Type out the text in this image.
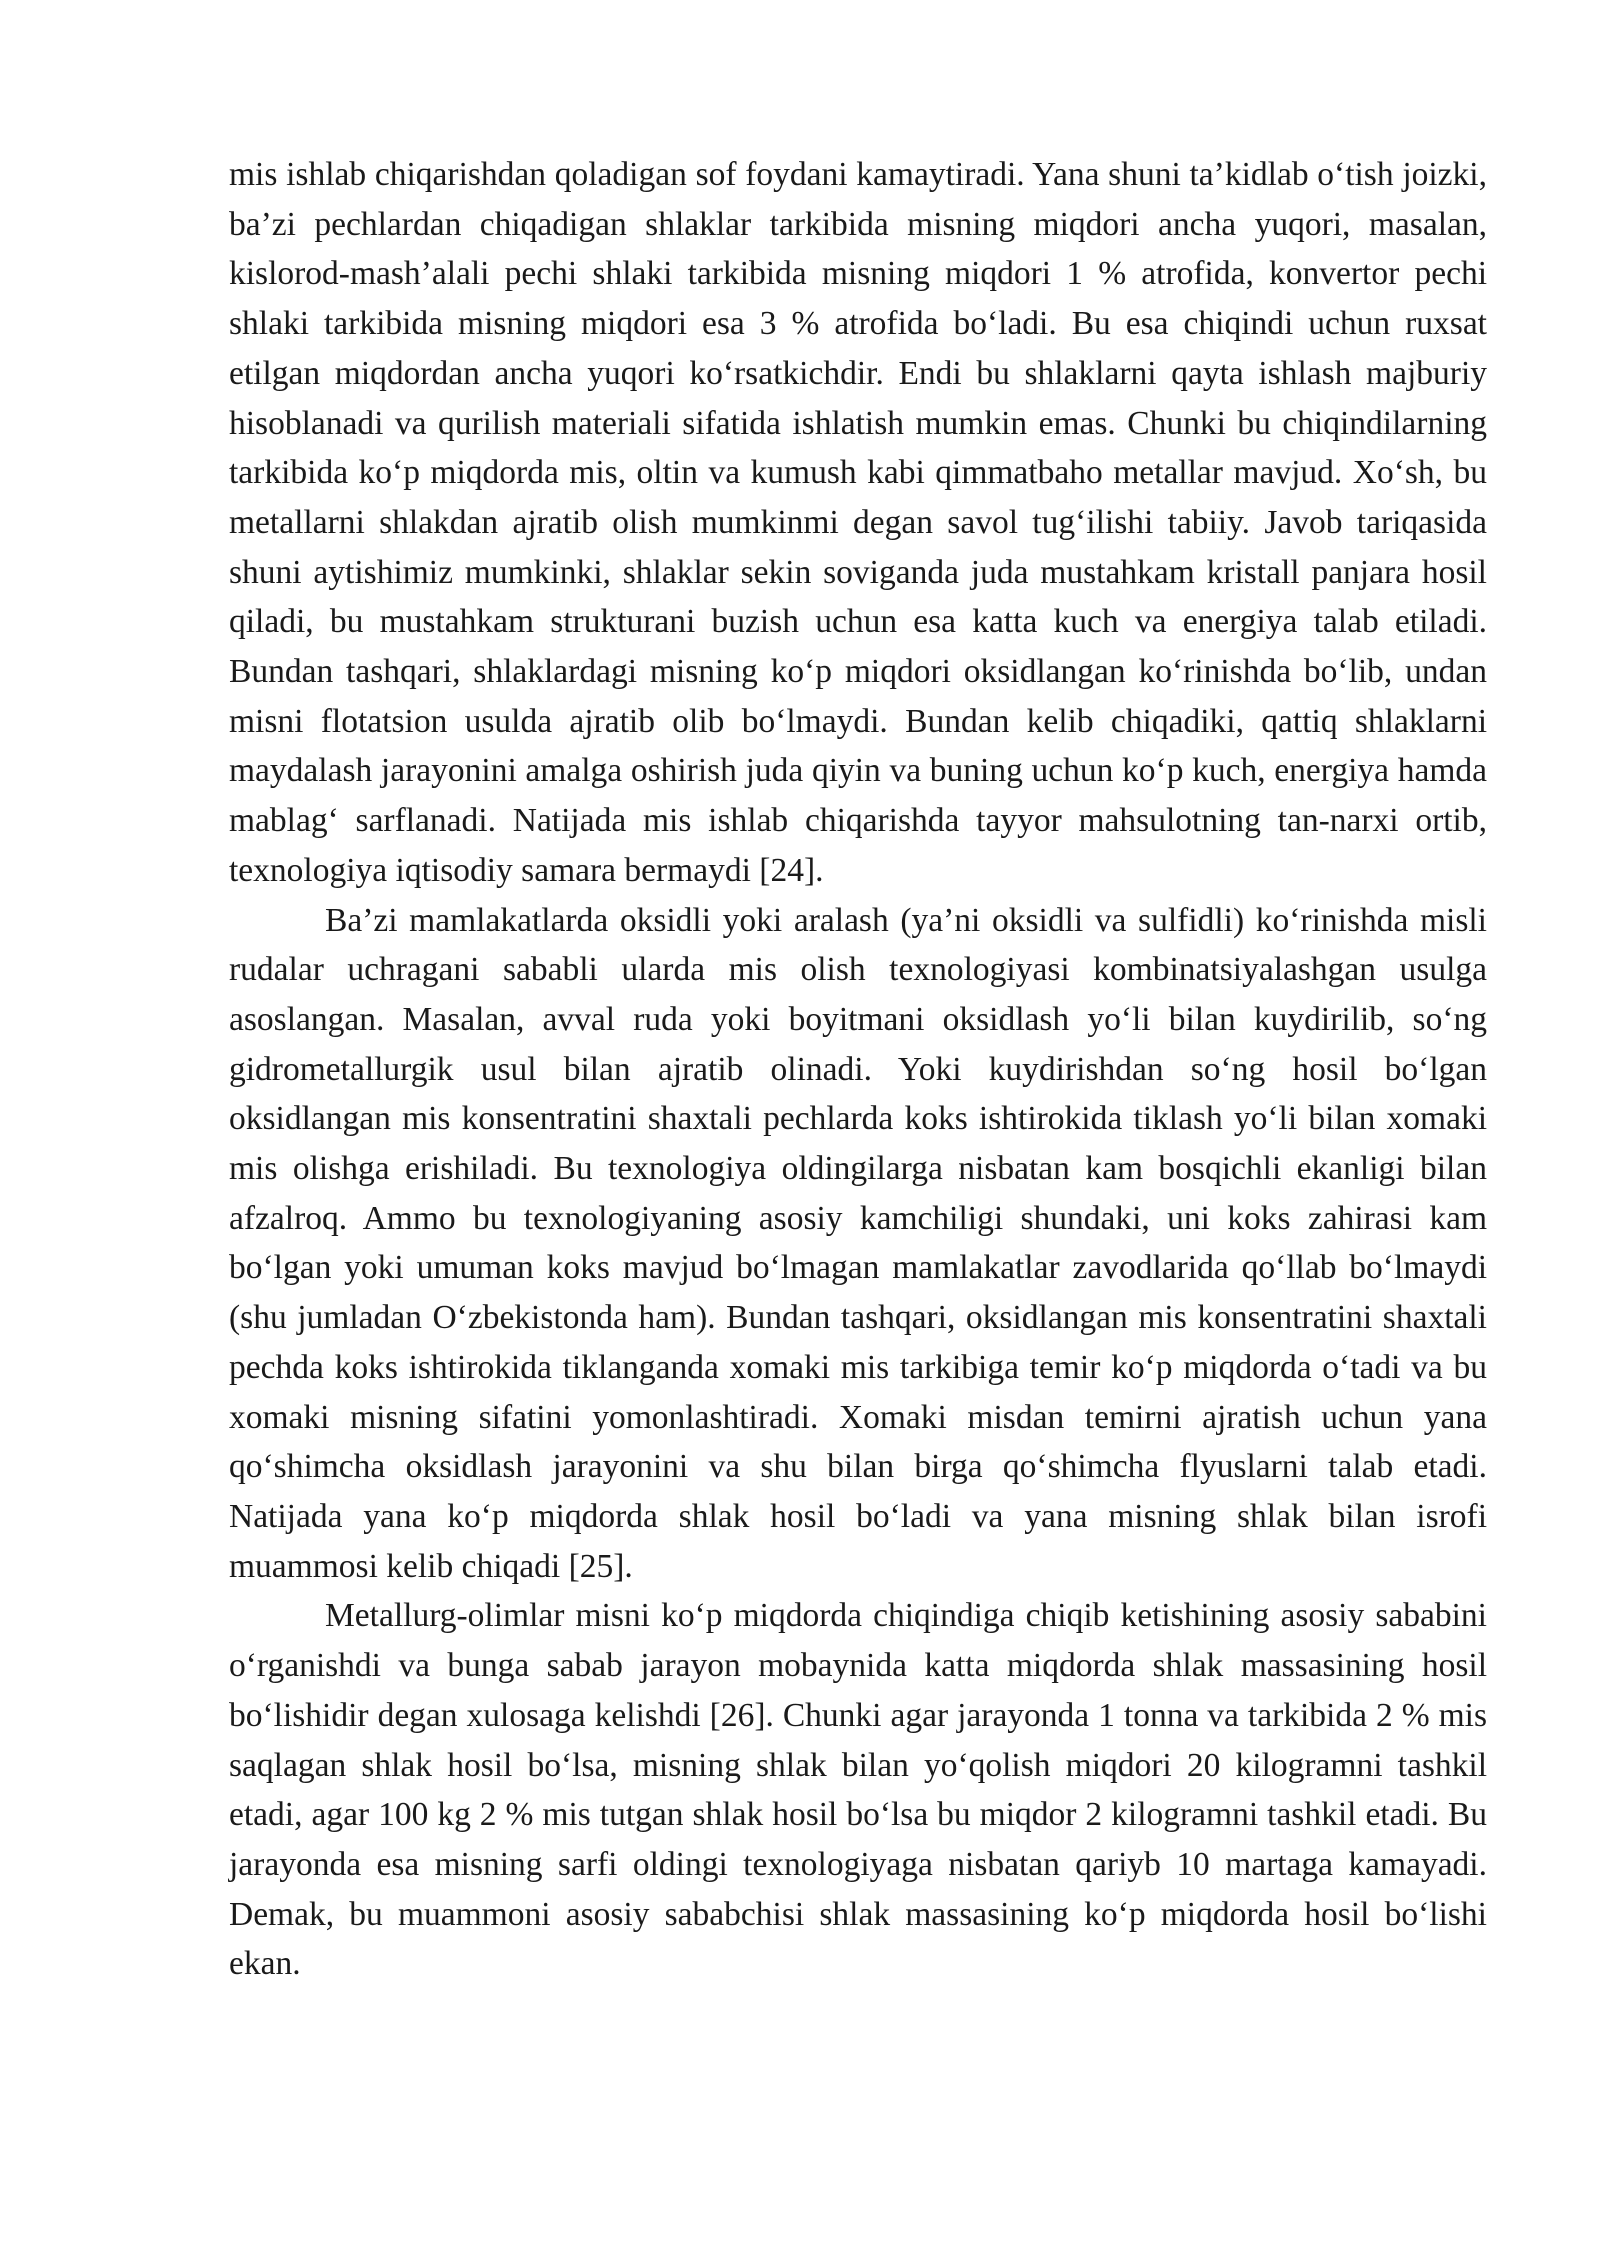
mis ishlab chiqarishdan qoladigan sof foydani kamaytiradi. Yana shuni ta’kidlab o‘tish joizki, ba’zi pechlardan chiqadigan shlaklar tarkibida misning miqdori ancha yuqori, masalan, kislorod-mash’alali pechi shlaki tarkibida misning miqdori 1 % atrofida, konvertor pechi shlaki tarkibida misning miqdori esa 3 % atrofida bo‘ladi. Bu esa chiqindi uchun ruxsat etilgan miqdordan ancha yuqori ko‘rsatkichdir. Endi bu shlaklarni qayta ishlash majburiy hisoblanadi va qurilish materiali sifatida ishlatish mumkin emas. Chunki bu chiqindilarning tarkibida ko‘p miqdorda mis, oltin va kumush kabi qimmatbaho metallar mavjud. Xo‘sh, bu metallarni shlakdan ajratib olish mumkinmi degan savol tug‘ilishi tabiiy. Javob tariqasida shuni aytishimiz mumkinki, shlaklar sekin soviganda juda mustahkam kristall panjara hosil qiladi, bu mustahkam strukturani buzish uchun esa katta kuch va energiya talab etiladi. Bundan tashqari, shlaklardagi misning ko‘p miqdori oksidlangan ko‘rinishda bo‘lib, undan misni flotatsion usulda ajratib olib bo‘lmaydi. Bundan kelib chiqadiki, qattiq shlaklarni maydalash jarayonini amalga oshirish juda qiyin va buning uchun ko‘p kuch, energiya hamda mablag‘ sarflanadi. Natijada mis ishlab chiqarishda tayyor mahsulotning tan-narxi ortib, texnologiya iqtisodiy samara bermaydi [24].

Ba’zi mamlakatlarda oksidli yoki aralash (ya’ni oksidli va sulfidli) ko‘rinishda misli rudalar uchragani sababli ularda mis olish texnologiyasi kombinatsiyalashgan usulga asoslangan. Masalan, avval ruda yoki boyitmani oksidlash yo‘li bilan kuydirilib, so‘ng gidrometallurgik usul bilan ajratib olinadi. Yoki kuydirishdan so‘ng hosil bo‘lgan oksidlangan mis konsentratini shaxtali pechlarda koks ishtirokida tiklash yo‘li bilan xomaki mis olishga erishiladi. Bu texnologiya oldingilarga nisbatan kam bosqichli ekanligi bilan afzalroq. Ammo bu texnologiyaning asosiy kamchiligi shundaki, uni koks zahirasi kam bo‘lgan yoki umuman koks mavjud bo‘lmagan mamlakatlar zavodlarida qo‘llab bo‘lmaydi (shu jumladan O‘zbekistonda ham). Bundan tashqari, oksidlangan mis konsentratini shaxtali pechda koks ishtirokida tiklanganda xomaki mis tarkibiga temir ko‘p miqdorda o‘tadi va bu xomaki misning sifatini yomonlashtiradi. Xomaki misdan temirni ajratish uchun yana qo‘shimcha oksidlash jarayonini va shu bilan birga qo‘shimcha flyuslarni talab etadi. Natijada yana ko‘p miqdorda shlak hosil bo‘ladi va yana misning shlak bilan isrofi muammosi kelib chiqadi [25].

Metallurg-olimlar misni ko‘p miqdorda chiqindiga chiqib ketishining asosiy sababini o‘rganishdi va bunga sabab jarayon mobaynida katta miqdorda shlak massasining hosil bo‘lishidir degan xulosaga kelishdi [26]. Chunki agar jarayonda 1 tonna va tarkibida 2 % mis saqlagan shlak hosil bo‘lsa, misning shlak bilan yo‘qolish miqdori 20 kilogramni tashkil etadi, agar 100 kg 2 % mis tutgan shlak hosil bo‘lsa bu miqdor 2 kilogramni tashkil etadi. Bu jarayonda esa misning sarfi oldingi texnologiyaga nisbatan qariyb 10 martaga kamayadi. Demak, bu muammoni asosiy sababchisi shlak massasining ko‘p miqdorda hosil bo‘lishi ekan.
